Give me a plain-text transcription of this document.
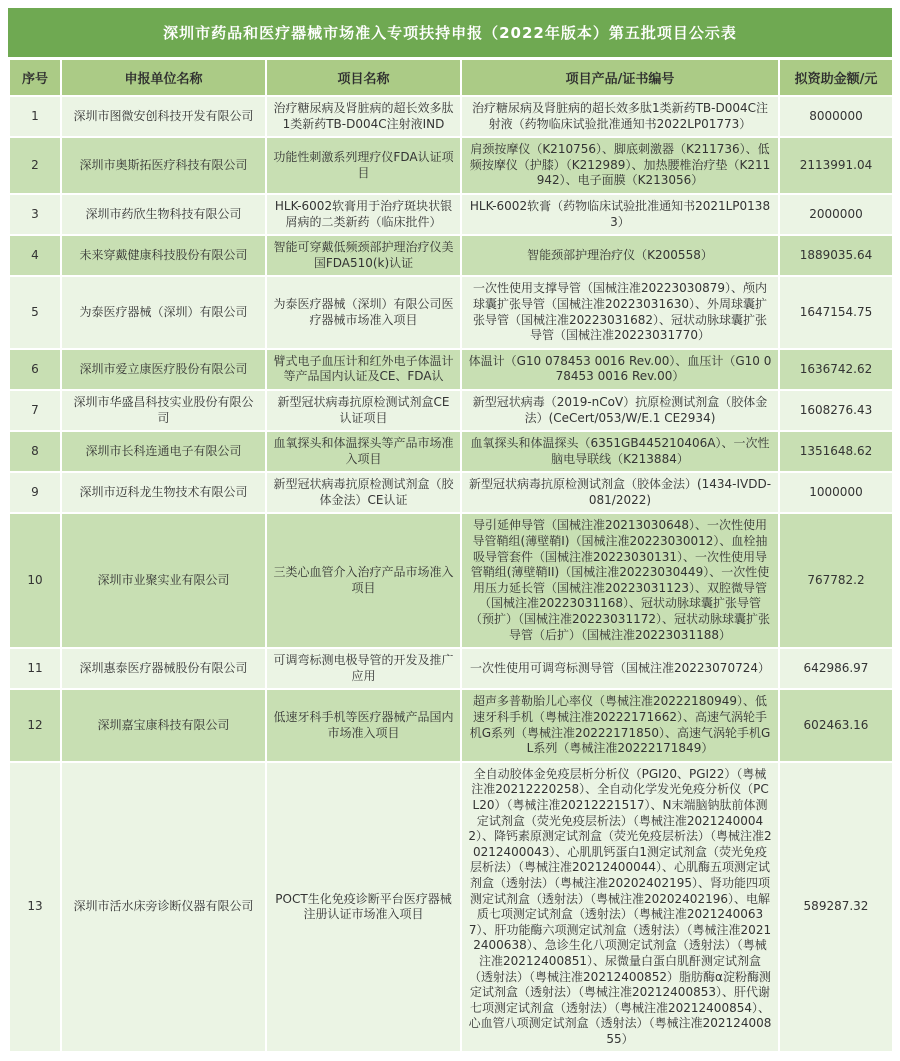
深圳市药品和医疗器械市场准入专项扶持申报（2022年版本）第五批项目公示表
序号	申报单位名称	项目名称	项目产品/证书编号	拟资助金额/元
1	深圳市图微安创科技开发有限公司	治疗糖尿病及肾脏病的超长效多肽1类新药TB-D004C注射液IND	治疗糖尿病及肾脏病的超长效多肽1类新药TB-D004C注射液（药物临床试验批准通知书2022LP01773）	8000000
2	深圳市奥斯拓医疗科技有限公司	功能性刺激系列理疗仪FDA认证项目	肩颈按摩仪（K210756）、脚底刺激器（K211736）、低频按摩仪（护膝）（K212989）、加热腰椎治疗垫（K211942）、电子面膜（K213056）	2113991.04
3	深圳市药欣生物科技有限公司	HLK-6002软膏用于治疗斑块状银屑病的二类新药（临床批件）	HLK-6002软膏（药物临床试验批准通知书2021LP01383）	2000000
4	未来穿戴健康科技股份有限公司	智能可穿戴低频颈部护理治疗仪美国FDA510(k)认证	智能颈部护理治疗仪（K200558）	1889035.64
5	为泰医疗器械（深圳）有限公司	为泰医疗器械（深圳）有限公司医疗器械市场准入项目	一次性使用支撑导管（国械注准20223030879）、颅内球囊扩张导管（国械注准20223031630）、外周球囊扩张导管（国械注准20223031682）、冠状动脉球囊扩张导管（国械注准20223031770）	1647154.75
6	深圳市爱立康医疗股份有限公司	臂式电子血压计和红外电子体温计等产品国内认证及CE、FDA认	体温计（G10 078453 0016 Rev.00）、血压计（G10 078453 0016 Rev.00）	1636742.62
7	深圳市华盛昌科技实业股份有限公司	新型冠状病毒抗原检测试剂盒CE认证项目	新型冠状病毒（2019-nCoV）抗原检测试剂盒（胶体金法）(CeCert/053/W/E.1 CE2934)	1608276.43
8	深圳市长科连通电子有限公司	血氧探头和体温探头等产品市场准入项目	血氧探头和体温探头（6351GB445210406A）、一次性脑电导联线（K213884）	1351648.62
9	深圳市迈科龙生物技术有限公司	新型冠状病毒抗原检测试剂盒（胶体金法）CE认证	新型冠状病毒抗原检测试剂盒（胶体金法）(1434-IVDD-081/2022)	1000000
10	深圳市业聚实业有限公司	三类心血管介入治疗产品市场准入项目	导引延伸导管（国械注准20213030648）、一次性使用导管鞘组(薄壁鞘I)（国械注准20223030012）、血栓抽吸导管套件（国械注准20223030131）、一次性使用导管鞘组(薄壁鞘II)（国械注准20223030449）、一次性使用压力延长管（国械注准20223031123）、双腔微导管（国械注准20223031168）、冠状动脉球囊扩张导管（预扩）（国械注准20223031172）、冠状动脉球囊扩张导管（后扩）（国械注准20223031188）	767782.2
11	深圳惠泰医疗器械股份有限公司	可调弯标测电极导管的开发及推广应用	一次性使用可调弯标测导管（国械注准20223070724）	642986.97
12	深圳嘉宝康科技有限公司	低速牙科手机等医疗器械产品国内市场准入项目	超声多普勒胎儿心率仪（粤械注准20222180949）、低速牙科手机（粤械注准20222171662）、高速气涡轮手机G系列（粤械注准20222171850）、高速气涡轮手机GL系列（粤械注准20222171849）	602463.16
13	深圳市活水床旁诊断仪器有限公司	POCT生化免疫诊断平台医疗器械注册认证市场准入项目	全自动胶体金免疫层析分析仪（PGI20、PGI22）（粤械注准20212220258）、全自动化学发光免疫分析仪（PCL20）（粤械注准20212221517）、N末端脑钠肽前体测定试剂盒（荧光免疫层析法）（粤械注准20212400042）、降钙素原测定试剂盒（荧光免疫层析法）（粤械注准20212400043）、心肌肌钙蛋白1测定试剂盒（荧光免疫层析法）（粤械注准20212400044）、心肌酶五项测定试剂盒（透射法）（粤械注准20202402195）、肾功能四项测定试剂盒（透射法）（粤械注准20202402196）、电解质七项测定试剂盒（透射法）（粤械注准20212400637）、肝功能酶六项测定试剂盒（透射法）（粤械注准20212400638）、急诊生化八项测定试剂盒（透射法）（粤械注准20212400851）、尿微量白蛋白肌酐测定试剂盒（透射法）（粤械注准20212400852）脂肪酶α淀粉酶测定试剂盒（透射法）（粤械注准20212400853）、肝代谢七项测定试剂盒（透射法）（粤械注准20212400854）、心血管八项测定试剂盒（透射法）（粤械注准20212400855）	589287.32
